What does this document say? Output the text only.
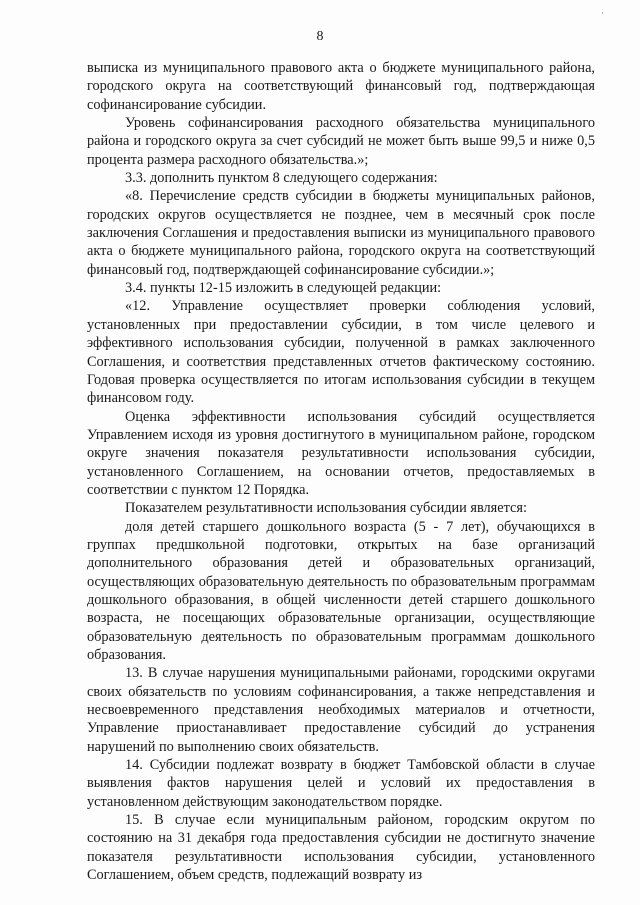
·
8

выписка из муниципального правового акта о бюджете муниципального района, городского округа на соответствующий финансовый год, подтверждающая софинансирование субсидии.

Уровень софинансирования расходного обязательства муниципального района и городского округа за счет субсидий не может быть выше 99,5 и ниже 0,5 процента размера расходного обязательства.»;

3.3. дополнить пунктом 8 следующего содержания:

«8. Перечисление средств субсидии в бюджеты муниципальных районов, городских округов осуществляется не позднее, чем в месячный срок после заключения Соглашения и предоставления выписки из муниципального правового акта о бюджете муниципального района, городского округа на соответствующий финансовый год, подтверждающей софинансирование субсидии.»;

3.4. пункты 12-15 изложить в следующей редакции:

«12. Управление осуществляет проверки соблюдения условий, установленных при предоставлении субсидии, в том числе целевого и эффективного использования субсидии, полученной в рамках заключенного Соглашения, и соответствия представленных отчетов фактическому состоянию. Годовая проверка осуществляется по итогам использования субсидии в текущем финансовом году.

Оценка эффективности использования субсидий осуществляется Управлением исходя из уровня достигнутого в муниципальном районе, городском округе значения показателя результативности использования субсидии, установленного Соглашением, на основании отчетов, предоставляемых в соответствии с пунктом 12 Порядка.

Показателем результативности использования субсидии является:

доля детей старшего дошкольного возраста (5 - 7 лет), обучающихся в группах предшкольной подготовки, открытых на базе организаций дополнительного образования детей и образовательных организаций, осуществляющих образовательную деятельность по образовательным программам дошкольного образования, в общей численности детей старшего дошкольного возраста, не посещающих образовательные организации, осуществляющие образовательную деятельность по образовательным программам дошкольного образования.

13. В случае нарушения муниципальными районами, городскими округами своих обязательств по условиям софинансирования, а также непредставления и несвоевременного представления необходимых материалов и отчетности, Управление приостанавливает предоставление субсидий до устранения нарушений по выполнению своих обязательств.

14. Субсидии подлежат возврату в бюджет Тамбовской области в случае выявления фактов нарушения целей и условий их предоставления в установленном действующим законодательством порядке.

15. В случае если муниципальным районом, городским округом по состоянию на 31 декабря года предоставления субсидии не достигнуто значение показателя результативности использования субсидии, установленного Соглашением, объем средств, подлежащий возврату из
